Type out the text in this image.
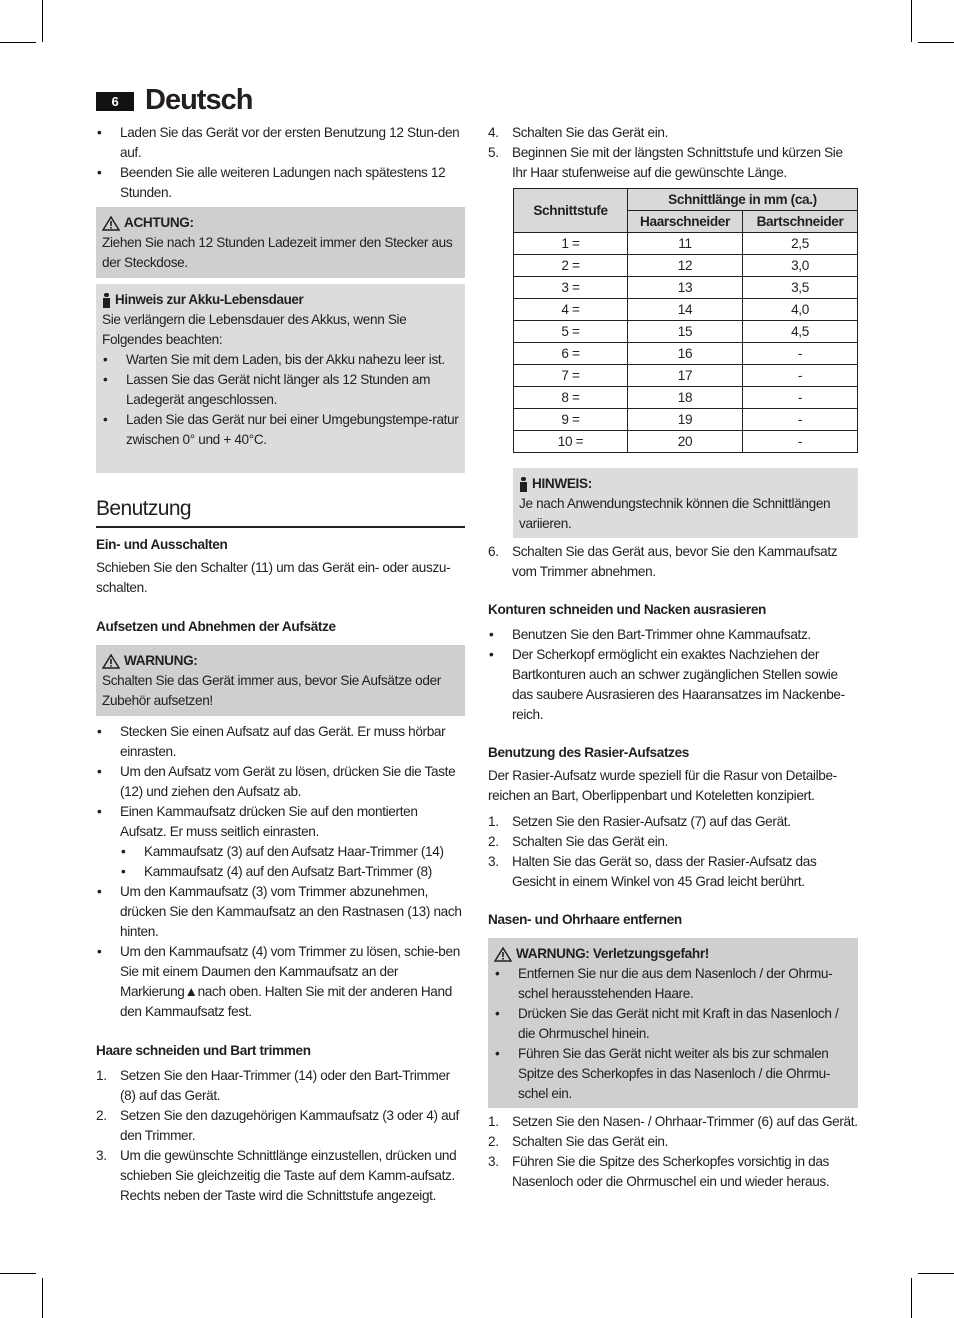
6 Deutsch
• Laden Sie das Gerät vor der ersten Benutzung 12 Stun-den auf.
• Beenden Sie alle weiteren Ladungen nach spätestens 12 Stunden.
ACHTUNG:
Ziehen Sie nach 12 Stunden Ladezeit immer den Stecker aus der Steckdose.
Hinweis zur Akku-Lebensdauer
Sie verlängern die Lebensdauer des Akkus, wenn Sie Folgendes beachten:
• Warten Sie mit dem Laden, bis der Akku nahezu leer ist.
• Lassen Sie das Gerät nicht länger als 12 Stunden am Ladegerät angeschlossen.
• Laden Sie das Gerät nur bei einer Umgebungstempe-ratur zwischen 0° und + 40°C.
Benutzung
Ein- und Ausschalten

Schieben Sie den Schalter (11) um das Gerät ein- oder auszu-schalten.

Aufsetzen und Abnehmen der Aufsätze
WARNUNG:
Schalten Sie das Gerät immer aus, bevor Sie Aufsätze oder Zubehör aufsetzen!
• Stecken Sie einen Aufsatz auf das Gerät. Er muss hörbar einrasten.
• Um den Aufsatz vom Gerät zu lösen, drücken Sie die Taste (12) und ziehen den Aufsatz ab.
• Einen Kammaufsatz drücken Sie auf den montierten Aufsatz. Er muss seitlich einrasten.
• Kammaufsatz (3) auf den Aufsatz Haar-Trimmer (14)
• Kammaufsatz (4) auf den Aufsatz Bart-Trimmer (8)
• Um den Kammaufsatz (3) vom Trimmer abzunehmen, drücken Sie den Kammaufsatz an den Rastnasen (13) nach hinten.
• Um den Kammaufsatz (4) vom Trimmer zu lösen, schie-ben Sie mit einem Daumen den Kammaufsatz an der Markierung▲nach oben. Halten Sie mit der anderen Hand den Kammaufsatz fest.
Haare schneiden und Bart trimmen
1. Setzen Sie den Haar-Trimmer (14) oder den Bart-Trimmer (8) auf das Gerät.
2. Setzen Sie den dazugehörigen Kammaufsatz (3 oder 4) auf den Trimmer.
3. Um die gewünschte Schnittlänge einzustellen, drücken und schieben Sie gleichzeitig die Taste auf dem Kamm-aufsatz. Rechts neben der Taste wird die Schnittstufe angezeigt.
4. Schalten Sie das Gerät ein.
5. Beginnen Sie mit der längsten Schnittstufe und kürzen Sie Ihr Haar stufenweise auf die gewünschte Länge.
Schnittstufe	Schnittlänge in mm (ca.)	
	Haarschneider	Bartschneider
1 =	11	2,5
2 =	12	3,0
3 =	13	3,5
4 =	14	4,0
5 =	15	4,5
6 =	16	-
7 =	17	-
8 =	18	-
9 =	19	-
10 =	20	-
HINWEIS:
Je nach Anwendungstechnik können die Schnittlängen variieren.
6. Schalten Sie das Gerät aus, bevor Sie den Kammaufsatz vom Trimmer abnehmen.
Konturen schneiden und Nacken ausrasieren
• Benutzen Sie den Bart-Trimmer ohne Kammaufsatz.
• Der Scherkopf ermöglicht ein exaktes Nachziehen der Bartkonturen auch an schwer zugänglichen Stellen sowie das saubere Ausrasieren des Haaransatzes im Nackenbe-reich.
Benutzung des Rasier-Aufsatzes

Der Rasier-Aufsatz wurde speziell für die Rasur von Detailbe-reichen an Bart, Oberlippenbart und Koteletten konzipiert.

1. Setzen Sie den Rasier-Aufsatz (7) auf das Gerät.
2. Schalten Sie das Gerät ein.
3. Halten Sie das Gerät so, dass der Rasier-Aufsatz das Gesicht in einem Winkel von 45 Grad leicht berührt.
Nasen- und Ohrhaare entfernen
WARNUNG: Verletzungsgefahr!
• Entfernen Sie nur die aus dem Nasenloch / der Ohrmu-schel herausstehenden Haare.
• Drücken Sie das Gerät nicht mit Kraft in das Nasenloch / die Ohrmuschel hinein.
• Führen Sie das Gerät nicht weiter als bis zur schmalen Spitze des Scherkopfes in das Nasenloch / die Ohrmu-schel ein.
1. Setzen Sie den Nasen- / Ohrhaar-Trimmer (6) auf das Gerät.
2. Schalten Sie das Gerät ein.
3. Führen Sie die Spitze des Scherkopfes vorsichtig in das Nasenloch oder die Ohrmuschel ein und wieder heraus.
